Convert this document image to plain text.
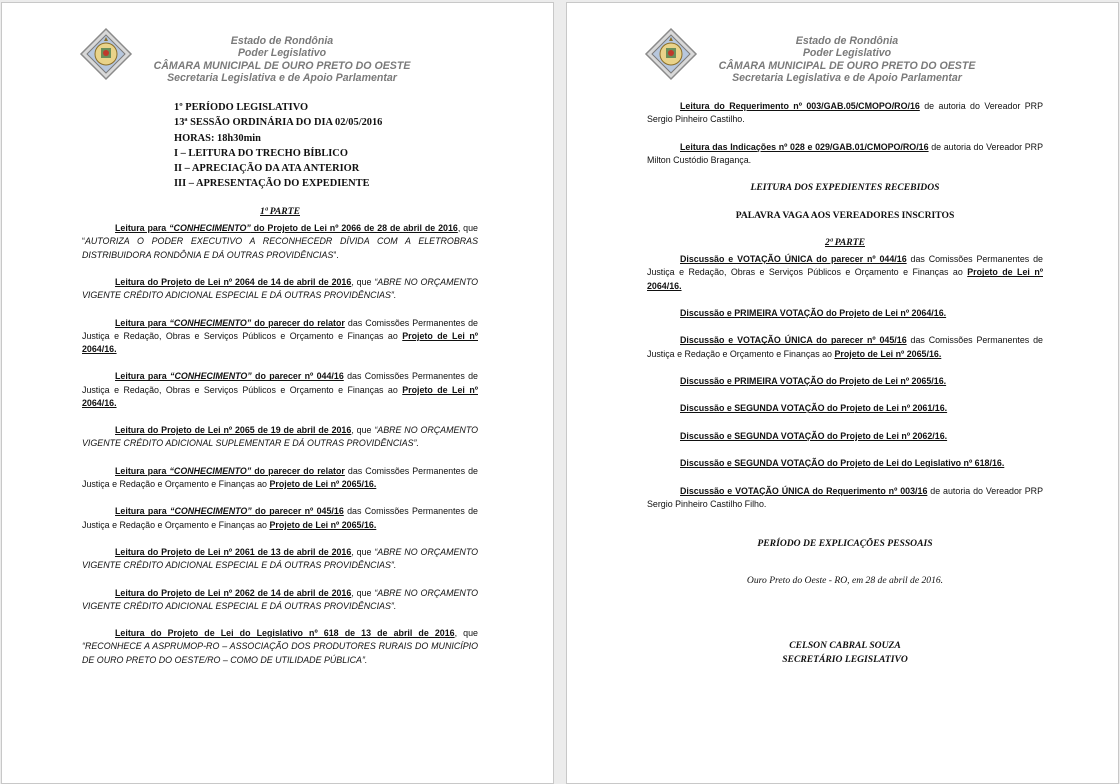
Estado de Rondônia
Poder Legislativo
CÂMARA MUNICIPAL DE OURO PRETO DO OESTE
Secretaria Legislativa e de Apoio Parlamentar
1º PERÍODO LEGISLATIVO
13ª SESSÃO ORDINÁRIA DO DIA 02/05/2016
HORAS: 18h30min
I – LEITURA DO TRECHO BÍBLICO
II – APRECIAÇÃO DA ATA ANTERIOR
III – APRESENTAÇÃO DO EXPEDIENTE

1ª PARTE

Leitura para “CONHECIMENTO” do Projeto de Lei nº 2066 de 28 de abril de 2016, que “AUTORIZA O PODER EXECUTIVO A RECONHECEDR DÍVIDA COM A ELETROBRAS DISTRIBUIDORA RONDÔNIA E DÁ OUTRAS PROVIDÊNCIAS”.

Leitura do Projeto de Lei nº 2064 de 14 de abril de 2016, que “ABRE NO ORÇAMENTO VIGENTE CRÉDITO ADICIONAL ESPECIAL E DÁ OUTRAS PROVIDÊNCIAS”.

Leitura para “CONHECIMENTO” do parecer do relator das Comissões Permanentes de Justiça e Redação, Obras e Serviços Públicos e Orçamento e Finanças ao Projeto de Lei nº 2064/16.

Leitura para “CONHECIMENTO” do parecer nº 044/16 das Comissões Permanentes de Justiça e Redação, Obras e Serviços Públicos e Orçamento e Finanças ao Projeto de Lei nº 2064/16.

Leitura do Projeto de Lei nº 2065 de 19 de abril de 2016, que “ABRE NO ORÇAMENTO VIGENTE CRÉDITO ADICIONAL SUPLEMENTAR E DÁ OUTRAS PROVIDÊNCIAS”.

Leitura para “CONHECIMENTO” do parecer do relator das Comissões Permanentes de Justiça e Redação e Orçamento e Finanças ao Projeto de Lei nº 2065/16.

Leitura para “CONHECIMENTO” do parecer nº 045/16 das Comissões Permanentes de Justiça e Redação e Orçamento e Finanças ao Projeto de Lei nº 2065/16.

Leitura do Projeto de Lei nº 2061 de 13 de abril de 2016, que “ABRE NO ORÇAMENTO VIGENTE CRÉDITO ADICIONAL ESPECIAL E DÁ OUTRAS PROVIDÊNCIAS”.

Leitura do Projeto de Lei nº 2062 de 14 de abril de 2016, que “ABRE NO ORÇAMENTO VIGENTE CRÉDITO ADICIONAL ESPECIAL E DÁ OUTRAS PROVIDÊNCIAS”.

Leitura do Projeto de Lei do Legislativo nº 618 de 13 de abril de 2016, que “RECONHECE A ASPRUMOP-RO – ASSOCIAÇÃO DOS PRODUTORES RURAIS DO MUNICÍPIO DE OURO PRETO DO OESTE/RO – COMO DE UTILIDADE PÚBLICA”.

Estado de Rondônia
Poder Legislativo
CÂMARA MUNICIPAL DE OURO PRETO DO OESTE
Secretaria Legislativa e de Apoio Parlamentar

Leitura do Requerimento nº 003/GAB.05/CMOPO/RO/16 de autoria do Vereador PRP Sergio Pinheiro Castilho.

Leitura das Indicações nº 028 e 029/GAB.01/CMOPO/RO/16 de autoria do Vereador PRP Milton Custódio Bragança.

LEITURA DOS EXPEDIENTES RECEBIDOS

PALAVRA VAGA AOS VEREADORES INSCRITOS

2ª PARTE

Discussão e VOTAÇÃO ÚNICA do parecer nº 044/16 das Comissões Permanentes de Justiça e Redação, Obras e Serviços Públicos e Orçamento e Finanças ao Projeto de Lei nº 2064/16.

Discussão e PRIMEIRA VOTAÇÃO do Projeto de Lei nº 2064/16.

Discussão e VOTAÇÃO ÚNICA do parecer nº 045/16 das Comissões Permanentes de Justiça e Redação e Orçamento e Finanças ao Projeto de Lei nº 2065/16.

Discussão e PRIMEIRA VOTAÇÃO do Projeto de Lei nº 2065/16.

Discussão e SEGUNDA VOTAÇÃO do Projeto de Lei nº 2061/16.

Discussão e SEGUNDA VOTAÇÃO do Projeto de Lei nº 2062/16.

Discussão e SEGUNDA VOTAÇÃO do Projeto de Lei do Legislativo nº 618/16.

Discussão e VOTAÇÃO ÚNICA do Requerimento nº 003/16 de autoria do Vereador PRP Sergio Pinheiro Castilho Filho.

PERÍODO DE EXPLICAÇÕES PESSOAIS

Ouro Preto do Oeste - RO, em 28 de abril de 2016.

CELSON CABRAL SOUZA

SECRETÁRIO LEGISLATIVO
